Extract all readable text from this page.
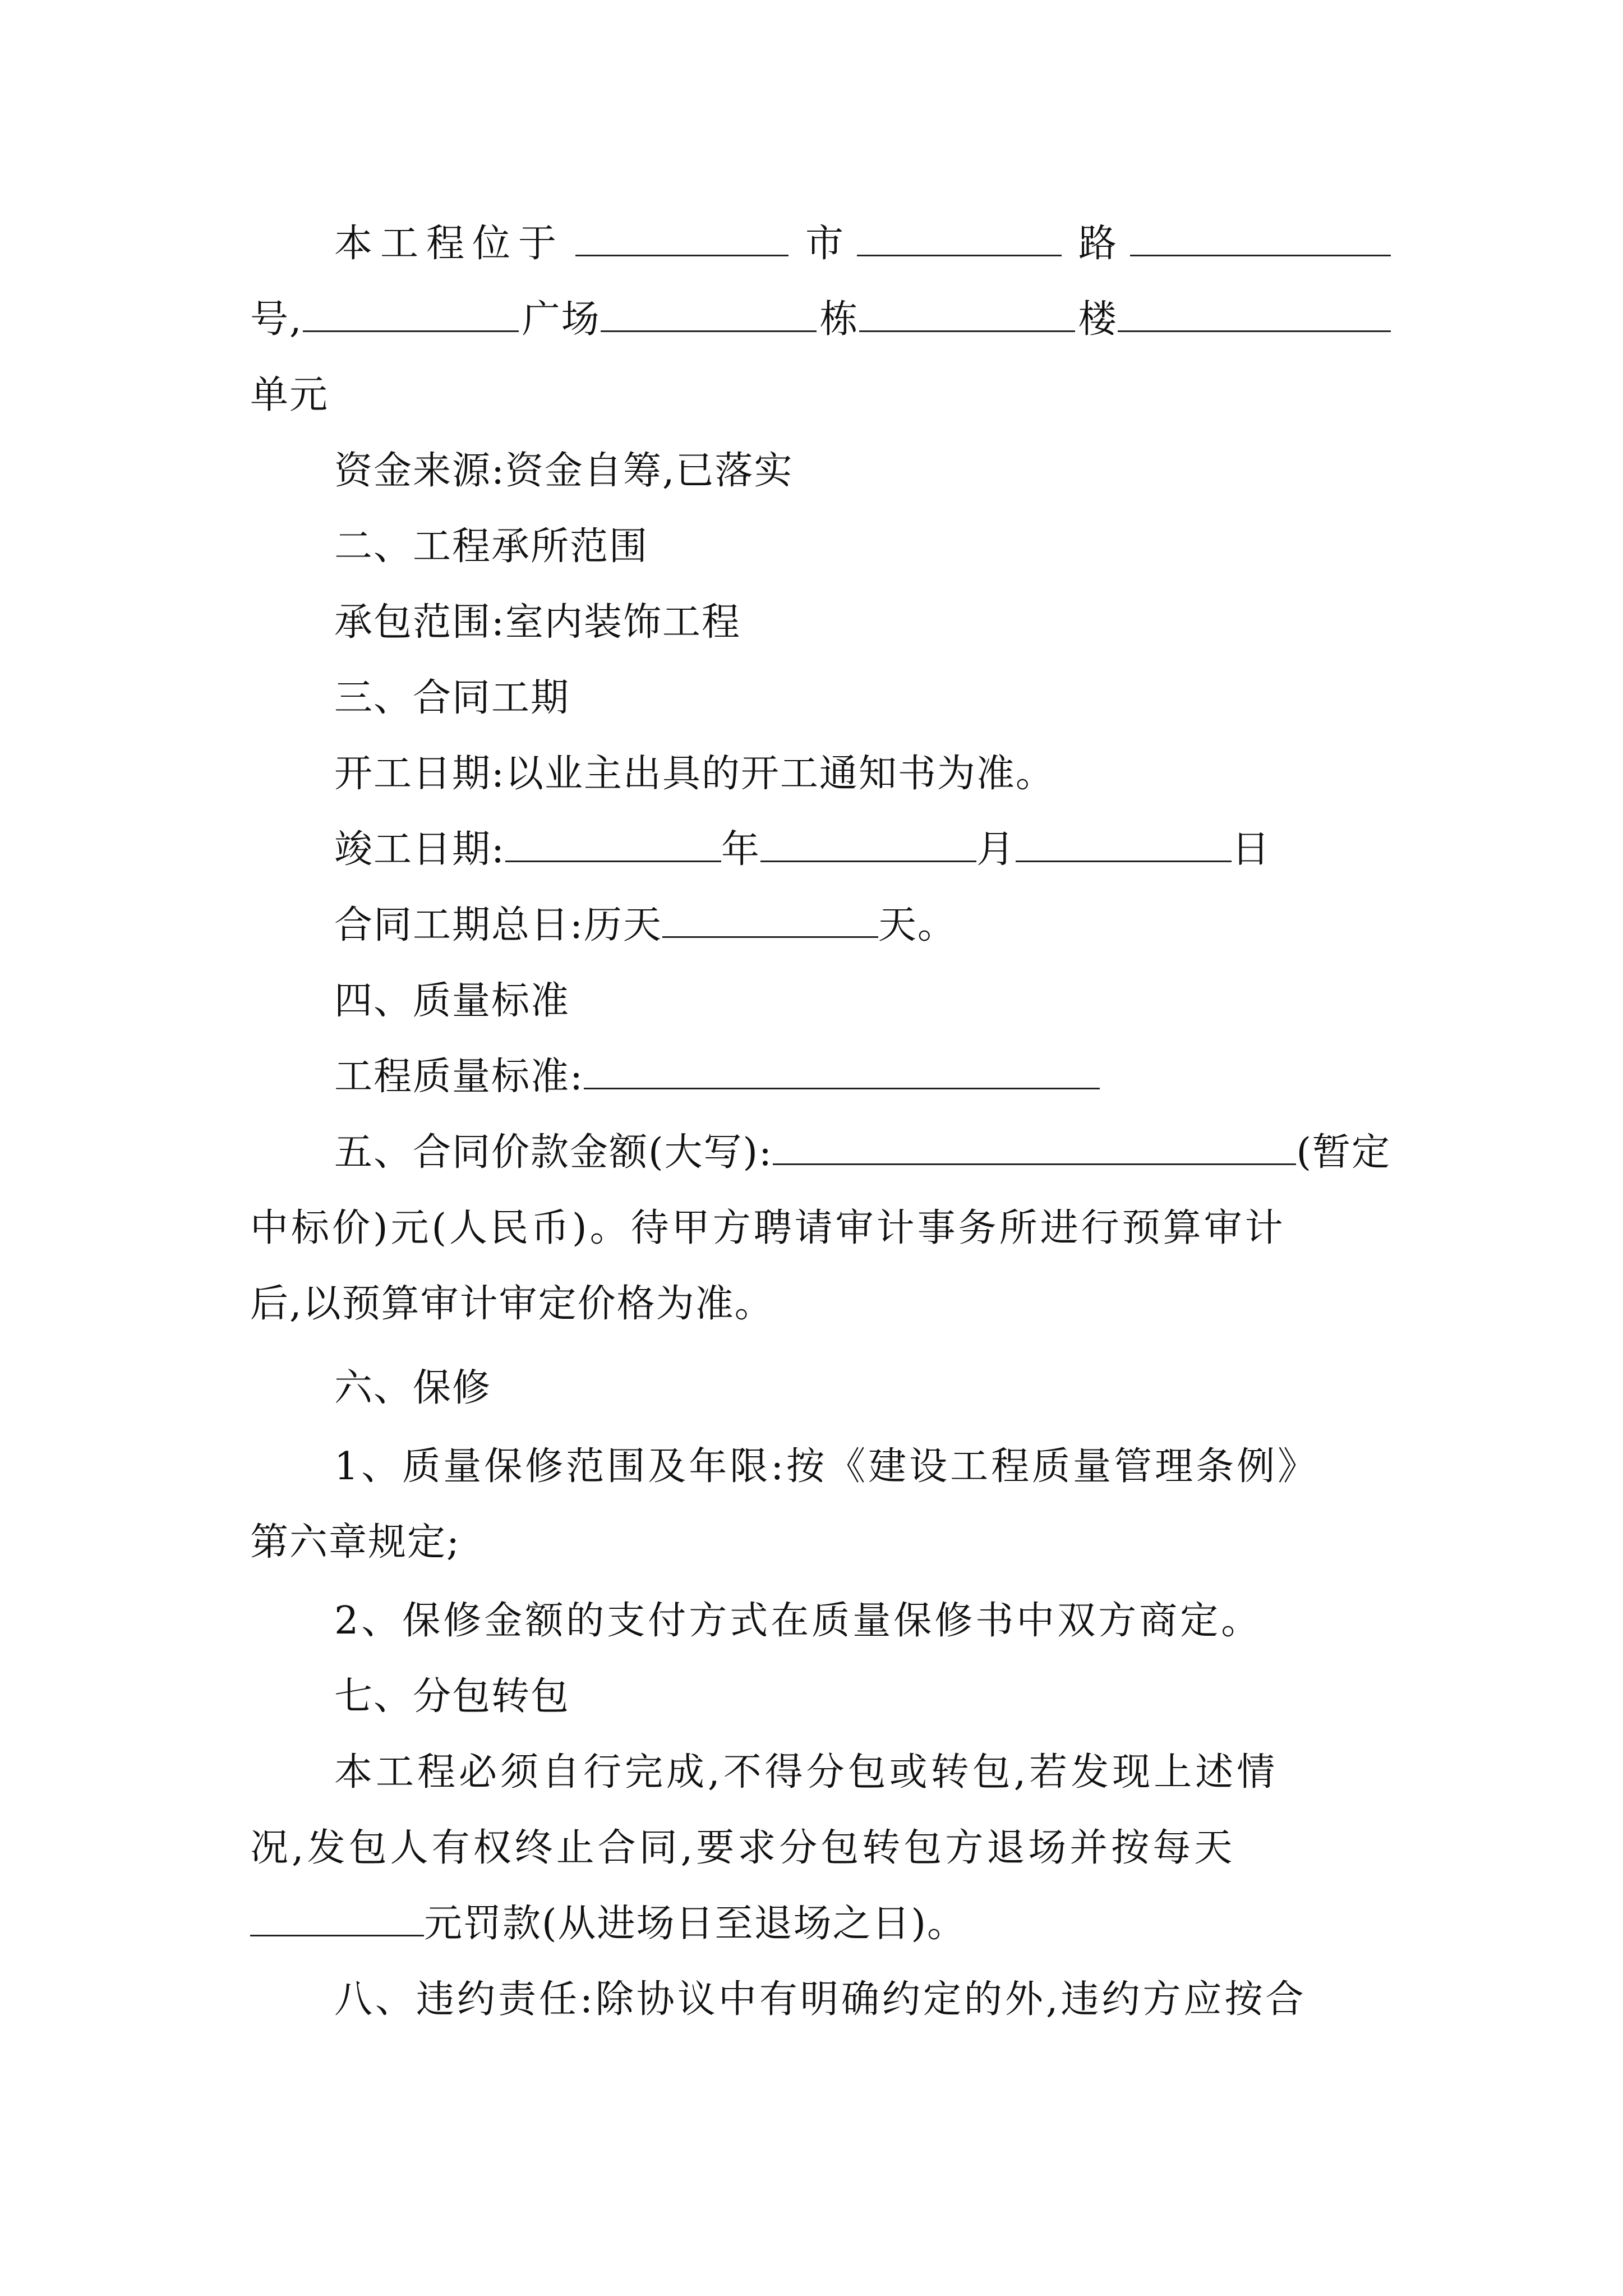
本工程位于	市	路
号,	广场	栋	楼
单元
资金来源:资金自筹,已落实
二、工程承所范围
承包范围:室内装饰工程
三、合同工期
开工日期:以业主出具的开工通知书为准。
竣工日期:	年	月	日
合同工期总日:历天	天。
四、质量标准
工程质量标准:
五、合同价款金额(大写):	(暂定
中标价)元(人民币)。待甲方聘请审计事务所进行预算审计
后,以预算审计审定价格为准。
六、保修
1、质量保修范围及年限:按《建设工程质量管理条例》
第六章规定;
2、保修金额的支付方式在质量保修书中双方商定。
七、分包转包
本工程必须自行完成,不得分包或转包,若发现上述情
况,发包人有权终止合同,要求分包转包方退场并按每天
元罚款(从进场日至退场之日)。
八、违约责任:除协议中有明确约定的外,违约方应按合
